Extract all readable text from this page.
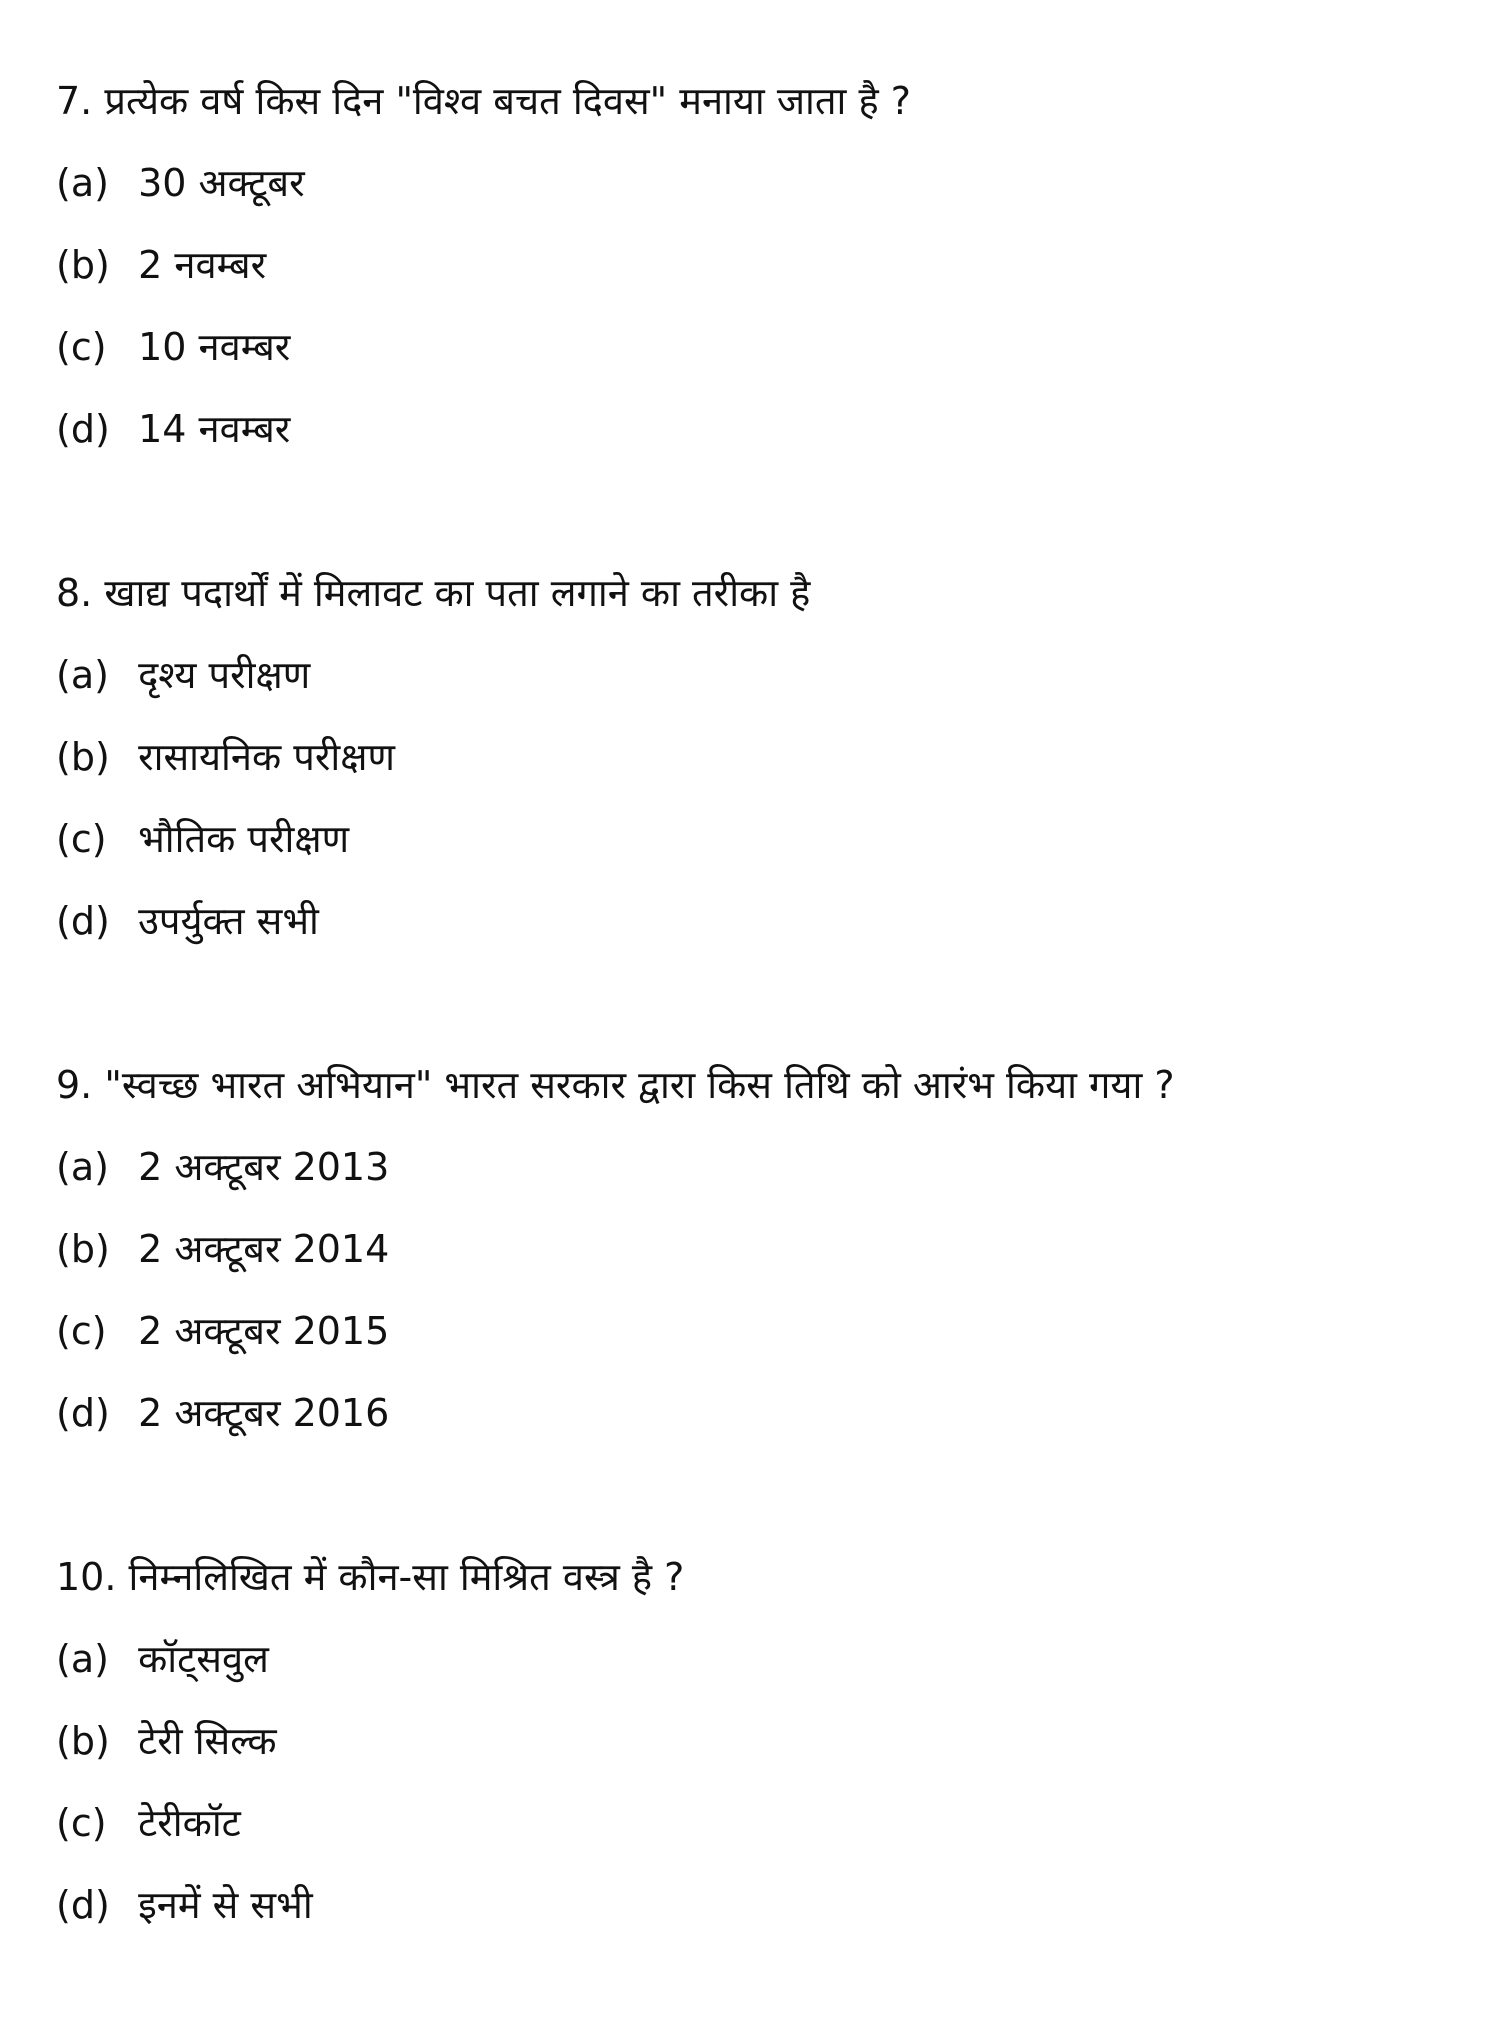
7. प्रत्येक वर्ष किस दिन "विश्व बचत दिवस" मनाया जाता है ?
(a) 30 अक्टूबर
(b) 2 नवम्बर
(c) 10 नवम्बर
(d) 14 नवम्बर
8. खाद्य पदार्थों में मिलावट का पता लगाने का तरीका है
(a) दृश्य परीक्षण
(b) रासायनिक परीक्षण
(c) भौतिक परीक्षण
(d) उपर्युक्त सभी
9. "स्वच्छ भारत अभियान" भारत सरकार द्वारा किस तिथि को आरंभ किया गया ?
(a) 2 अक्टूबर 2013
(b) 2 अक्टूबर 2014
(c) 2 अक्टूबर 2015
(d) 2 अक्टूबर 2016
10. निम्नलिखित में कौन-सा मिश्रित वस्त्र है ?
(a) कॉट्सवुल
(b) टेरी सिल्क
(c) टेरीकॉट
(d) इनमें से सभी
